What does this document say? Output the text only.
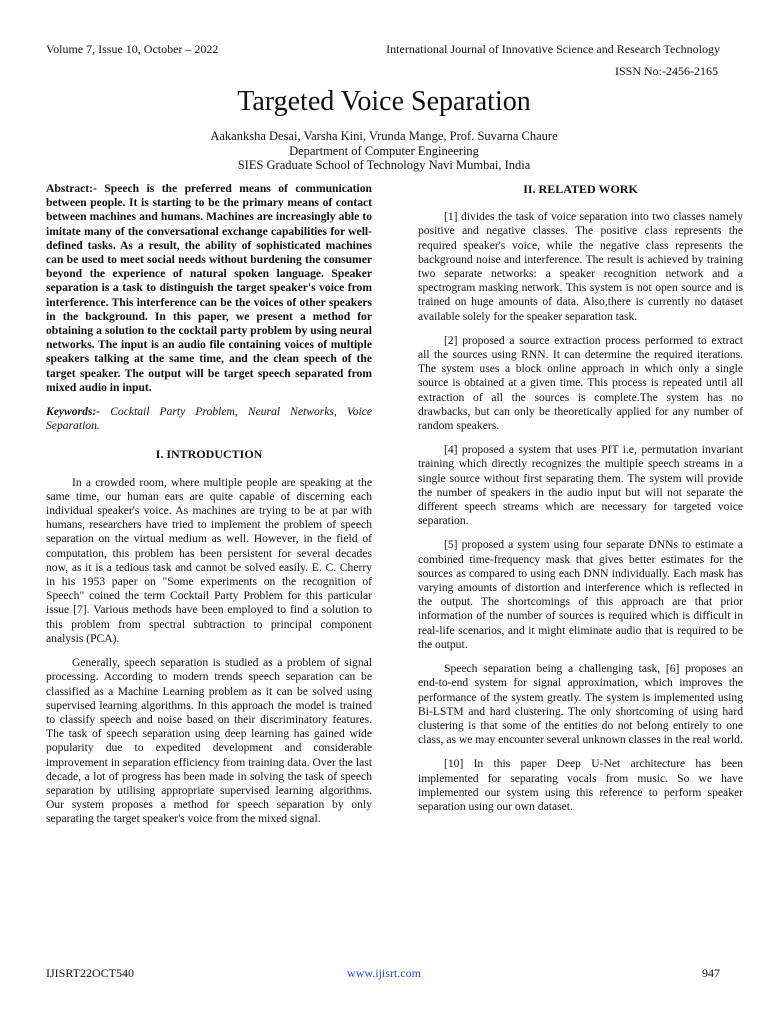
Volume 7, Issue 10, October – 2022	International Journal of Innovative Science and Research Technology
ISSN No:-2456-2165
Targeted Voice Separation
Aakanksha Desai, Varsha Kini, Vrunda Mange, Prof. Suvarna Chaure
Department of Computer Engineering
SIES Graduate School of Technology Navi Mumbai, India

Abstract:- Speech is the preferred means of communication between people. It is starting to be the primary means of contact between machines and humans. Machines are increasingly able to imitate many of the conversational exchange capabilities for well-defined tasks. As a result, the ability of sophisticated machines can be used to meet social needs without burdening the consumer beyond the experience of natural spoken language. Speaker separation is a task to distinguish the target speaker's voice from interference. This interference can be the voices of other speakers in the background. In this paper, we present a method for obtaining a solution to the cocktail party problem by using neural networks. The input is an audio file containing voices of multiple speakers talking at the same time, and the clean speech of the target speaker. The output will be target speech separated from mixed audio in input.

Keywords:- Cocktail Party Problem, Neural Networks, Voice Separation.

I. INTRODUCTION

In a crowded room, where multiple people are speaking at the same time, our human ears are quite capable of discerning each individual speaker's voice. As machines are trying to be at par with humans, researchers have tried to implement the problem of speech separation on the virtual medium as well. However, in the field of computation, this problem has been persistent for several decades now, as it is a tedious task and cannot be solved easily. E. C. Cherry in his 1953 paper on "Some experiments on the recognition of Speech" coined the term Cocktail Party Problem for this particular issue [7]. Various methods have been employed to find a solution to this problem from spectral subtraction to principal component analysis (PCA).

Generally, speech separation is studied as a problem of signal processing. According to modern trends speech separation can be classified as a Machine Learning problem as it can be solved using supervised learning algorithms. In this approach the model is trained to classify speech and noise based on their discriminatory features. The task of speech separation using deep learning has gained wide popularity due to expedited development and considerable improvement in separation efficiency from training data. Over the last decade, a lot of progress has been made in solving the task of speech separation by utilising appropriate supervised learning algorithms. Our system proposes a method for speech separation by only separating the target speaker's voice from the mixed signal.

II. RELATED WORK

[1] divides the task of voice separation into two classes namely positive and negative classes. The positive class represents the required speaker's voice, while the negative class represents the background noise and interference. The result is achieved by training two separate networks: a speaker recognition network and a spectrogram masking network. This system is not open source and is trained on huge amounts of data. Also,there is currently no dataset available solely for the speaker separation task.

[2] proposed a source extraction process performed to extract all the sources using RNN. It can determine the required iterations. The system uses a block online approach in which only a single source is obtained at a given time. This process is repeated until all extraction of all the sources is complete.The system has no drawbacks, but can only be theoretically applied for any number of random speakers.

[4] proposed a system that uses PIT i.e, permutation invariant training which directly recognizes the multiple speech streams in a single source without first separating them. The system will provide the number of speakers in the audio input but will not separate the different speech streams which are necessary for targeted voice separation.

[5] proposed a system using four separate DNNs to estimate a combined time-frequency mask that gives better estimates for the sources as compared to using each DNN individually. Each mask has varying amounts of distortion and interference which is reflected in the output. The shortcomings of this approach are that prior information of the number of sources is required which is difficult in real-life scenarios, and it might eliminate audio that is required to be the output.

Speech separation being a challenging task, [6] proposes an end-to-end system for signal approximation, which improves the performance of the system greatly. The system is implemented using Bi-LSTM and hard clustering. The only shortcoming of using hard clustering is that some of the entities do not belong entirely to one class, as we may encounter several unknown classes in the real world.

[10] In this paper Deep U-Net architecture has been implemented for separating vocals from music. So we have implemented our system using this reference to perform speaker separation using our own dataset.

IJISRT22OCT540	www.ijisrt.com	947
